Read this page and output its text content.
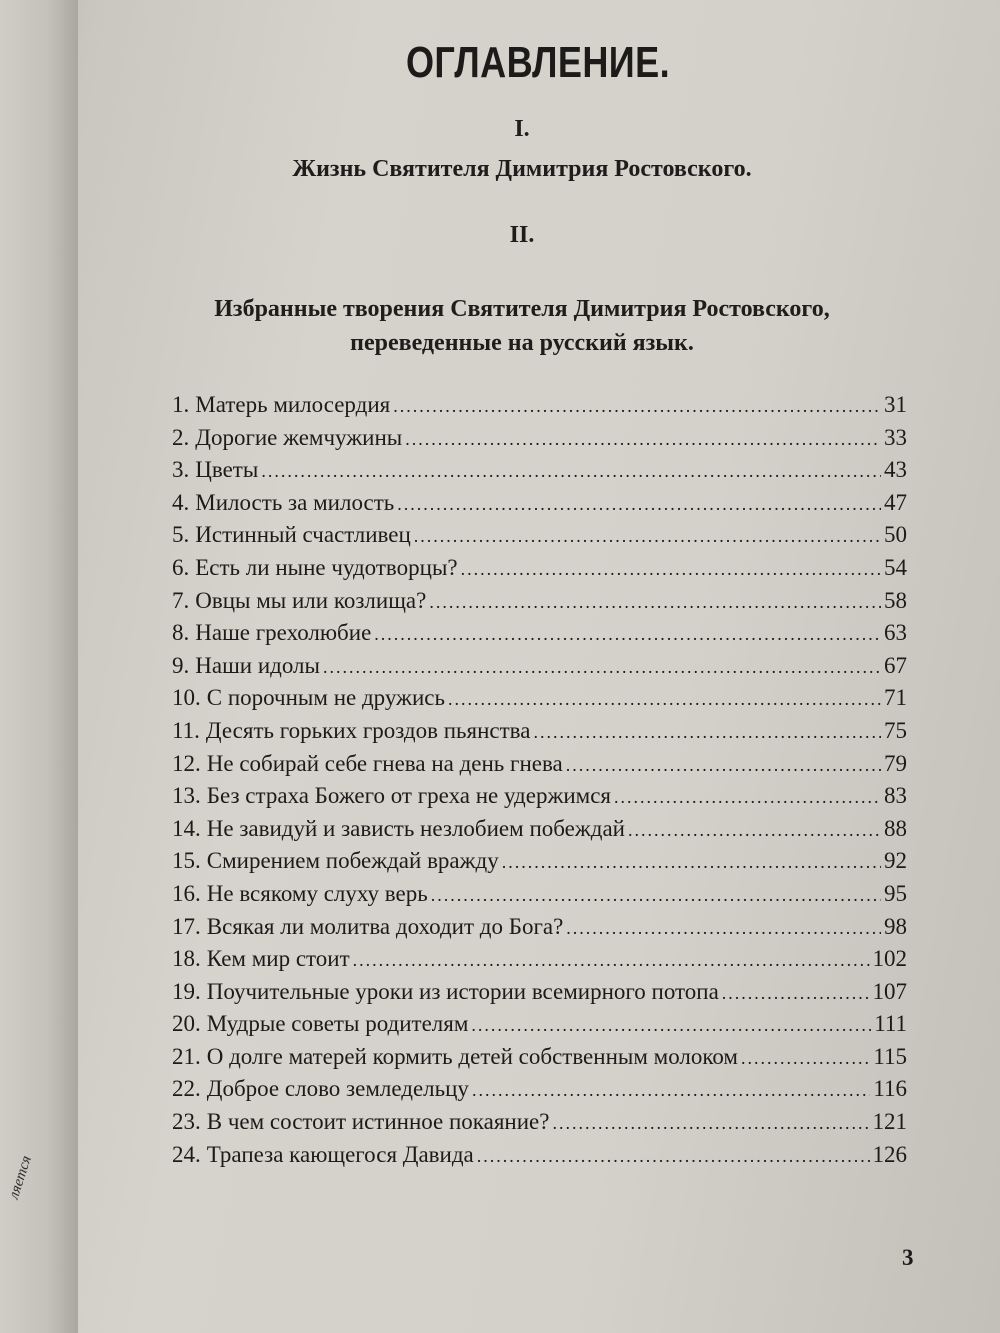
ляется
ОГЛАВЛЕНИЕ.
I.
Жизнь Святителя Димитрия Ростовского.
II.
Избранные творения Святителя Димитрия Ростовского,
переведенные на русский язык.
1. Матерь милосердия .....	31
2. Дорогие жемчужины .....	33
3. Цветы .....	43
4. Милость за милость .....	47
5. Истинный счастливец .....	50
6. Есть ли ныне чудотворцы? .....	54
7. Овцы мы или козлища? .....	58
8. Наше грехолюбие .....	63
9. Наши идолы .....	67
10. С порочным не дружись .....	71
11. Десять горьких гроздов пьянства .....	75
12. Не собирай себе гнева на день гнева .....	79
13. Без страха Божего от греха не удержимся .....	83
14. Не завидуй и зависть незлобием побеждай .....	88
15. Смирением побеждай вражду .....	92
16. Не всякому слуху верь .....	95
17. Всякая ли молитва доходит до Бога? .....	98
18. Кем мир стоит .....	102
19. Поучительные уроки из истории всемирного потопа .....	107
20. Мудрые советы родителям .....	111
21. О долге матерей кормить детей собственным молоком .....	115
22. Доброе слово земледельцу .....	116
23. В чем состоит истинное покаяние? .....	121
24. Трапеза кающегося Давида .....	126
3
